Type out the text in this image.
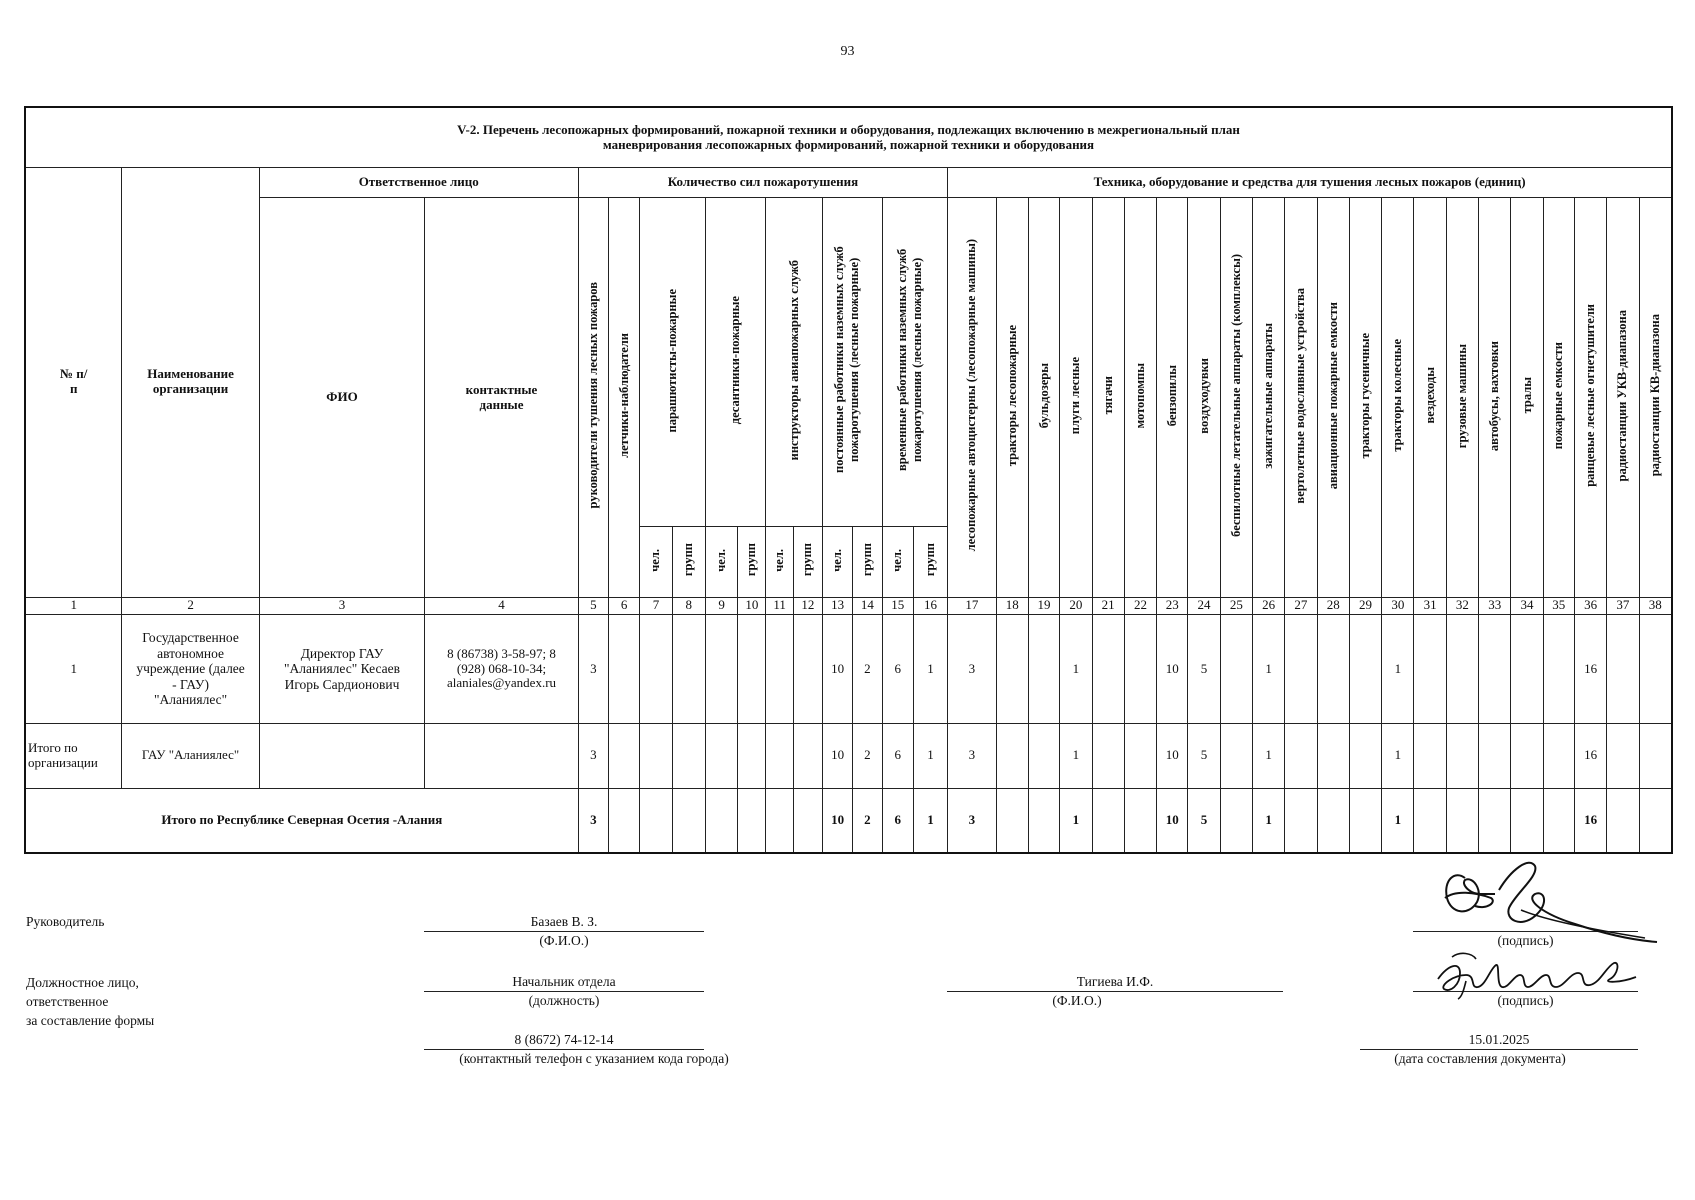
93
V-2. Перечень лесопожарных формирований, пожарной техники и оборудования, подлежащих включению в межрегиональный план
маневрирования лесопожарных формирований, пожарной техники и оборудования																																					

№ п/п	Наименование организации	Ответственное лицо		Количество сил пожаротушения												Техника, оборудование и средства для тушения лесных пожаров (единиц)																					
		ФИО	контактные данные	руководители тушения лесных пожаров	летчики-наблюдатели	парашютисты-пожарные		десантники-пожарные		инструкторы авиапожарных служб		постоянные работники наземных служб пожаротушения (лесные пожарные)		временные работники наземных служб пожаротушения (лесные пожарные)		лесопожарные автоцистерны (лесопожарные машины)	тракторы лесопожарные	бульдозеры	плуги лесные	тягачи	мотопомпы	бензопилы	воздуходувки	беспилотные летательные аппараты (комплексы)	зажигательные аппараты	вертолетные водосливные устройства	авиационные пожарные емкости	тракторы гусеничные	тракторы колесные	вездеходы	грузовые машины	автобусы, вахтовки	тралы	пожарные емкости	ранцевые лесные огнетушители	радиостанции УКВ-диапазона	радиостанции КВ-диапазона
						чел.	групп	чел.	групп	чел.	групп	чел.	групп	чел.	групп																						
1	2	3	4	5	6	7	8	9	10	11	12	13	14	15	16	17	18	19	20	21	22	23	24	25	26	27	28	29	30	31	32	33	34	35	36	37	38
1	Государственное автономное учреждение (далее - ГАУ) "Аланиялес"	Директор ГАУ "Аланиялес" Кесаев Игорь Сардионович	8 (86738) 3-58-97; 8 (928) 068-10-34; alaniales@yandex.ru	3								10	2	6	1	3			1			10	5		1				1						16		
Итого по организации	ГАУ "Аланиялес"			3								10	2	6	1	3			1			10	5		1				1						16		
Итого по Республике Северная Осетия -Алания				3								10	2	6	1	3			1			10	5		1				1						16		
Руководитель	Базаев В. З.
(Ф.И.О.)	(подпись)
Должностное лицо,
ответственное
за составление формы
Начальник отдела
(должность)
Тигиева И.Ф.
(Ф.И.О.)	(подпись)
8 (8672) 74-12-14
(контактный телефон с указанием кода города)
15.01.2025
(дата составления документа)
